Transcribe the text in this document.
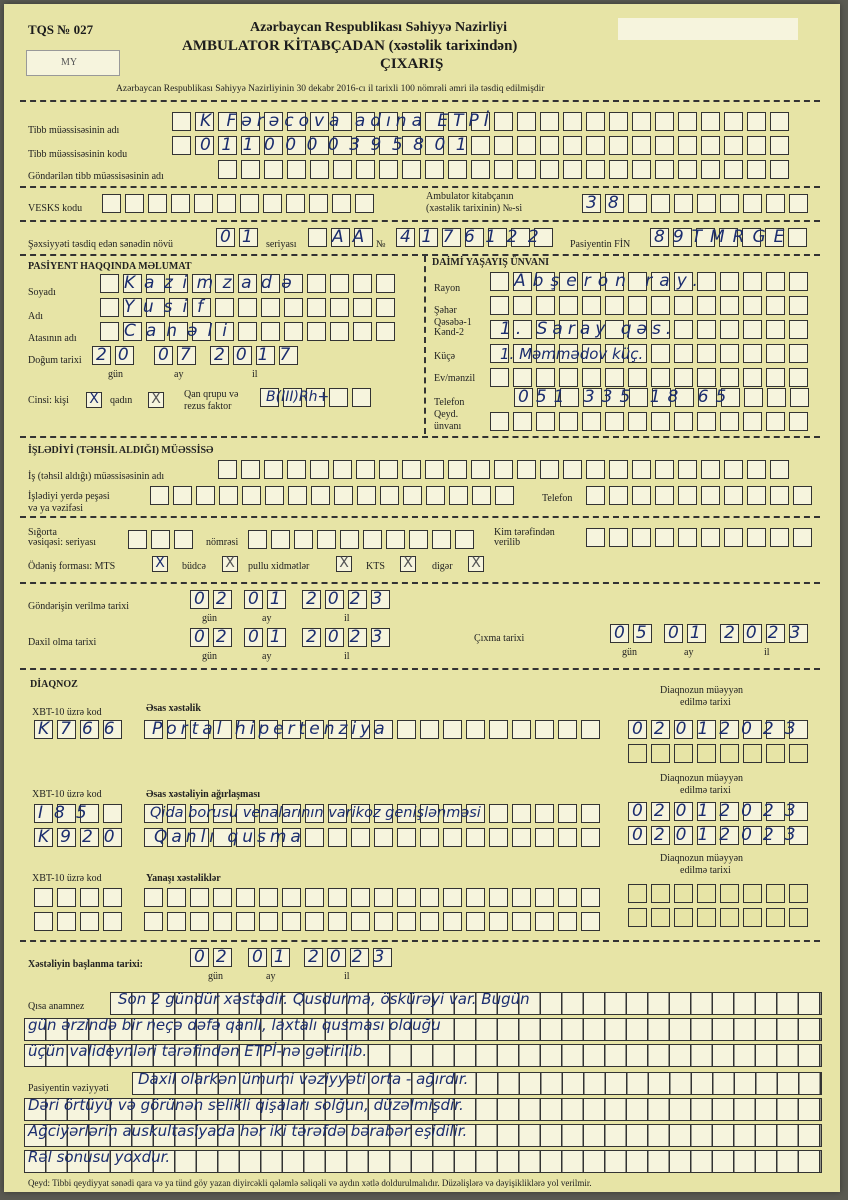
TQS № 027
MY
Azərbaycan Respublikası Səhiyyə Nazirliyi
AMBULATOR KİTABÇADAN (xəstəlik tarixindən)
ÇIXARIŞ
Azərbaycan Respublikası Səhiyyə Nazirliyinin 30 dekabr 2016-cı il tarixli 100 nömrəli əmri ilə təsdiq edilmişdir
Tibb müəssisəsinin adı	K Fərəcova adına ETPİ
Tibb müəssisəsinin kodu	0110000395801
Göndərilən tibb müəssisəsinin adı
VESKS kodu
Ambulator kitabçanın
(xəstəlik tarixinin) №-si	38
Şəxsiyyəti təsdiq edən sənədin növü	01 seriyası AA № 4176122 Pasiyentin FİN 89TMRGE
PASİYENT HAQQINDA MƏLUMAT	DAİMİ YAŞAYIŞ ÜNVANI
Soyadı	Kazimzadə
Adı	Yusif
Atasının adı	Canəli
Doğum tarixi 20 07 2017
gün	ay	il
Cinsi: kişi X	qadın X	Qan qrupu və
rezus faktor
B(III)Rh+
Rayon	Abşeron ray.
Şəhər
Qəsəbə-1
Kənd-2 1. Saray qəs.
Küçə	1. Məmmədov küç.
Ev/mənzil
Telefon	051 335 18 65
Qeyd.
ünvanı
İŞLƏDİYİ (TƏHSİL ALDIĞI) MÜƏSSİSƏ
İş (təhsil aldığı) müəssisəsinin adı
İşlədiyi yerdə peşəsi
və ya vəzifəsi
Telefon
Sığorta
vəsiqəsi: seriyası	nömrəsi
Kim tərəfindən
verilib
Ödəniş forması: MTS	X	büdcə X	pullu xidmətlər X	KTS X	digər X
Göndərişin verilmə tarixi	02 01 2023
gün	ay	il
Daxil olma tarixi	02 01 2023
gün	ay	il
Çıxma tarixi	05 01 2023
gün	ay	il
DİAQNOZ
Diaqnozun müəyyən
edilmə tarixi
XBT-10 üzrə kod	Əsas xəstəlik
K766 Portal hipertenziya	02012023
Diaqnozun müəyyən
edilmə tarixi
XBT-10 üzrə kod	Əsas xəstəliyin ağırlaşması
I85	Qida borusu venalarının varikoz genişlənməsi	02012023
K920 Qanlı qusma	02012023
Diaqnozun müəyyən
edilmə tarixi
XBT-10 üzrə kod	Yanaşı xəstəliklər
Xəstəliyin başlanma tarixi:	02 01 2023
gün	ay	il
Qısa anamnez Son 2 gündür xəstədir. Qusdurma, öskürəyi var. Bugün
gün ərzində bir neçə dəfə qanlı, laxtalı qusması olduğu
üçün valideynləri tərəfindən ETPİ-nə gətirilib.
Pasiyentin vəziyyəti
Daxil olarkən ümumi vəziyyəti orta - ağırdır.
Dəri örtüyü və görünən selikli qişaları solğun, düzəlmişdir.
Ağciyərlərin auskultasiyada hər iki tərəfdə bərabər eşidilir.
Rəl sonusu yoxdur.
Qeyd: Tibbi qeydiyyat sənədi qara və ya tünd göy yazan diyircəkli qələmlə səliqəli və aydın xətlə doldurulmalıdır. Düzəlişlərə və dəyişikliklərə yol verilmir.
